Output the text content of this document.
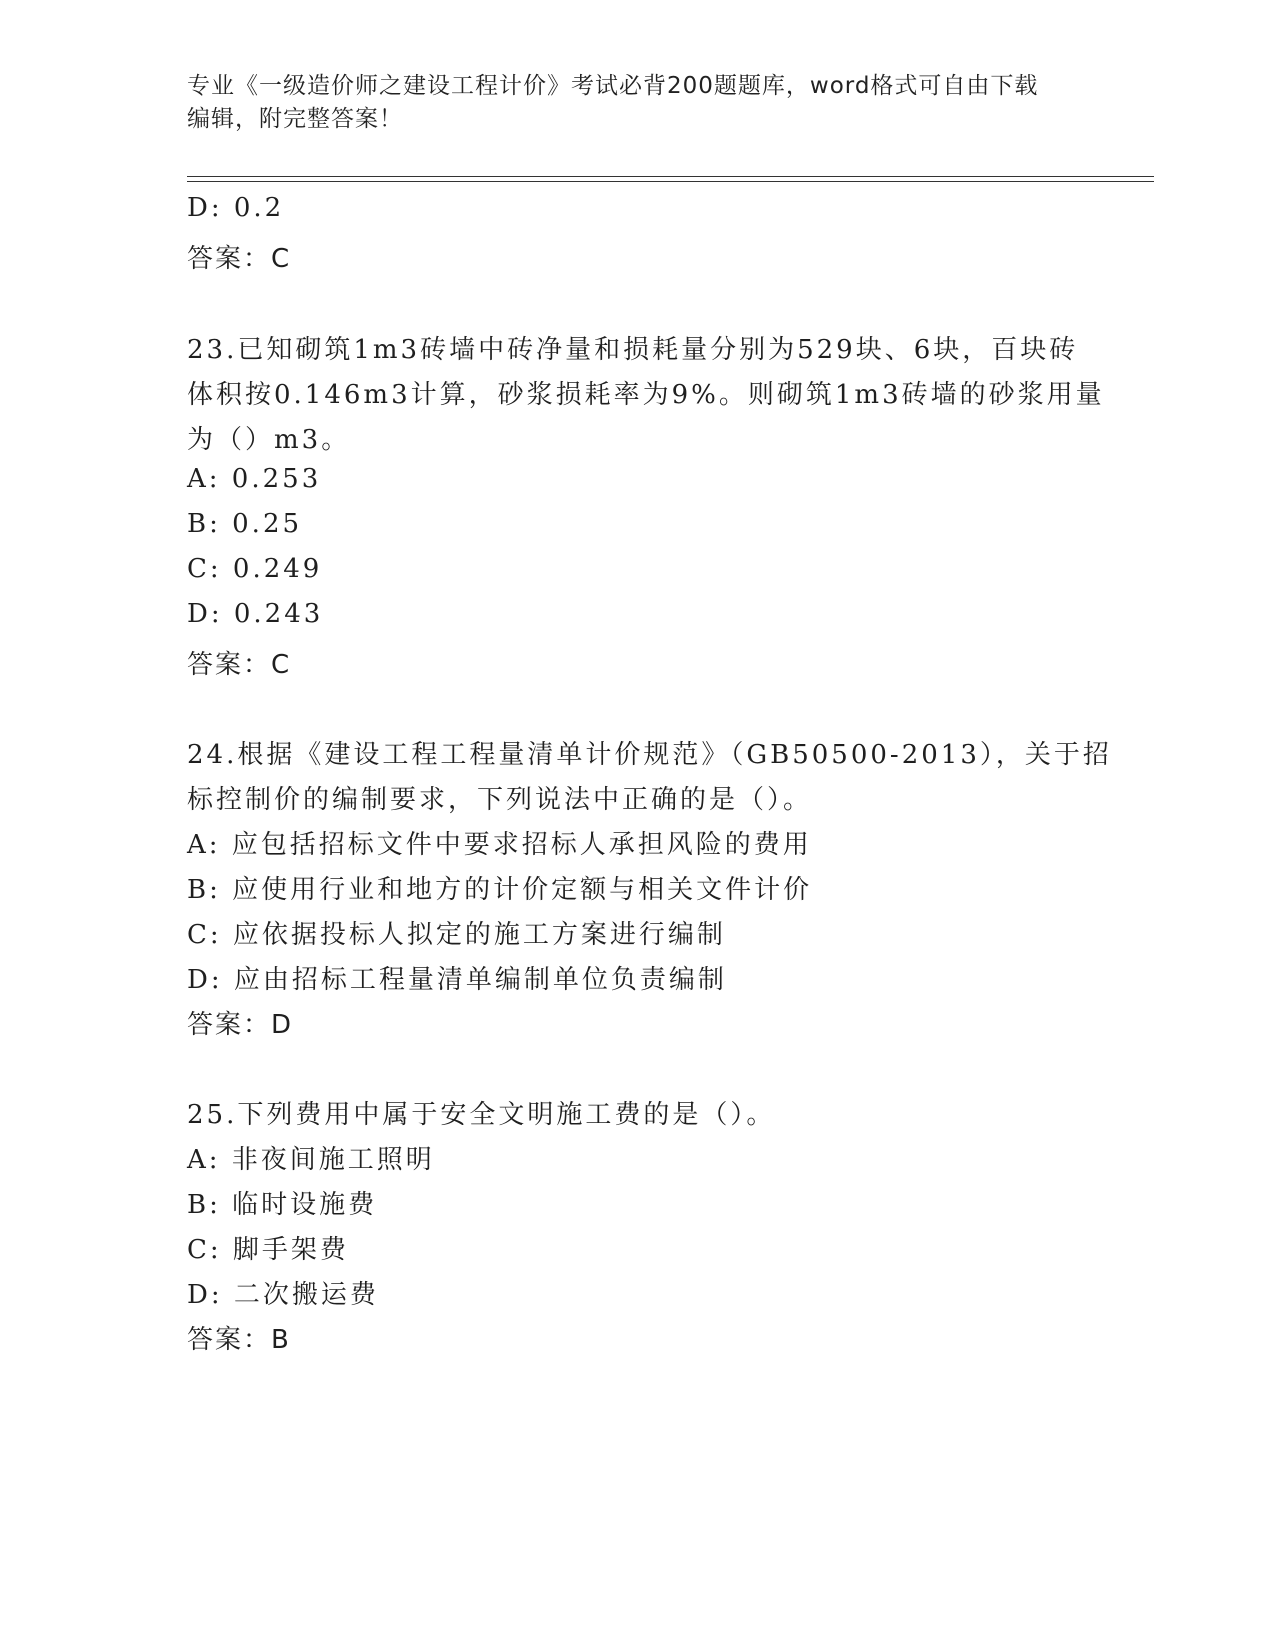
专业《一级造价师之建设工程计价》考试必背200题题库，word格式可自由下载
编辑，附完整答案！
D: 0.2
答案：C
23.已知砌筑1m3砖墙中砖净量和损耗量分别为529块、6块，百块砖
体积按0.146m3计算，砂浆损耗率为9%。则砌筑1m3砖墙的砂浆用量
为（）m3。
A: 0.253
B: 0.25
C: 0.249
D: 0.243
答案：C
24.根据《建设工程工程量清单计价规范》（GB50500-2013），关于招
标控制价的编制要求，下列说法中正确的是（）。
A: 应包括招标文件中要求招标人承担风险的费用
B: 应使用行业和地方的计价定额与相关文件计价
C: 应依据投标人拟定的施工方案进行编制
D: 应由招标工程量清单编制单位负责编制
答案：D
25.下列费用中属于安全文明施工费的是（）。
A: 非夜间施工照明
B: 临时设施费
C: 脚手架费
D: 二次搬运费
答案：B
